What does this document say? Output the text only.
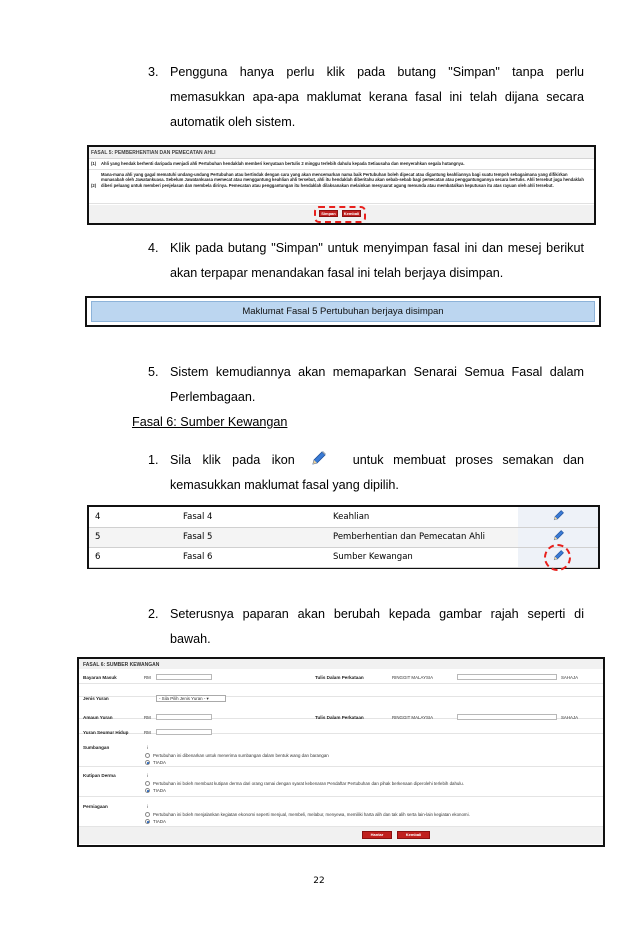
3. Pengguna hanya perlu klik pada butang "Simpan" tanpa perlu
memasukkan apa-apa maklumat kerana fasal ini telah dijana secara
automatik oleh sistem.
FASAL 5: PEMBERHENTIAN DAN PEMECATAN AHLI
(1) Ahli yang hendak berhenti daripada menjadi ahli Pertubuhan hendaklah memberi kenyataan bertulis 2 minggu terlebih dahulu kepada Setiausaha dan menyerahkan segala hutangnya.
(2)
Mana-mana ahli yang gagal mematuhi undang-undang Pertubuhan atau bertindak dengan cara yang akan mencemarkan nama baik Pertubuhan boleh dipecat atau digantung keahliannya bagi suatu tempoh sebagaimana yang difikirkan munasabah oleh Jawatankuasa. Sebelum Jawatankuasa memecat atau menggantung keahlian ahli tersebut, ahli itu hendaklah diberitahu akan sebab-sebab bagi pemecatan atau penggantungannya secara bertulis. Ahli tersebut juga hendaklah diberi peluang untuk memberi penjelasan dan membela dirinya. Pemecatan atau penggantungan itu hendaklah dilaksanakan melainkan mesyuarat agung menunda atau membatalkan keputusan itu atas rayuan oleh ahli tersebut.
Simpan	Kembali
4. Klik pada butang "Simpan" untuk menyimpan fasal ini dan mesej berikut
akan terpapar menandakan fasal ini telah berjaya disimpan.
Maklumat Fasal 5 Pertubuhan berjaya disimpan
5. Sistem kemudiannya akan memaparkan Senarai Semua Fasal dalam
Perlembagaan.
Fasal 6: Sumber Kewangan
1. Sila klik pada ikon	untuk membuat proses semakan dan
kemasukkan maklumat fasal yang dipilih.
4	Fasal 4	Keahlian	
5	Fasal 5	Pemberhentian dan Pemecatan Ahli	
6	Fasal 6	Sumber Kewangan	
2. Seterusnya paparan akan berubah kepada gambar rajah seperti di
bawah.
FASAL 6: SUMBER KEWANGAN
Bayaran Masuk	RM	Tulis Dalam Perkataan	RINGGIT MALAYSIA	SAHAJA
Jenis Yuran	- Sila Pilih Jenis Yuran - ▾
Amaun Yuran	RM	Tulis Dalam Perkataan	RINGGIT MALAYSIA	SAHAJA
Yuran Seumur Hidup	RM
Sumbangan	i
Pertubuhan ini dibenarkan untuk menerima sumbangan dalam bentuk wang dan barangan
TIADA
Kutipan Derma	i
Pertubuhan ini boleh membuat kutipan derma dari orang ramai dengan syarat kebenaran Pendaftar Pertubuhan dan pihak berkenaan diperolehi terlebih dahulu.
TIADA
Perniagaan	i
Pertubuhan ini boleh menjalankan kegiatan ekonomi seperti menjual, membeli, melabur, menyewa, memiliki harta alih dan tak alih serta lain-lain kegiatan ekonomi.
TIADA
Hantar	Kembali
22
